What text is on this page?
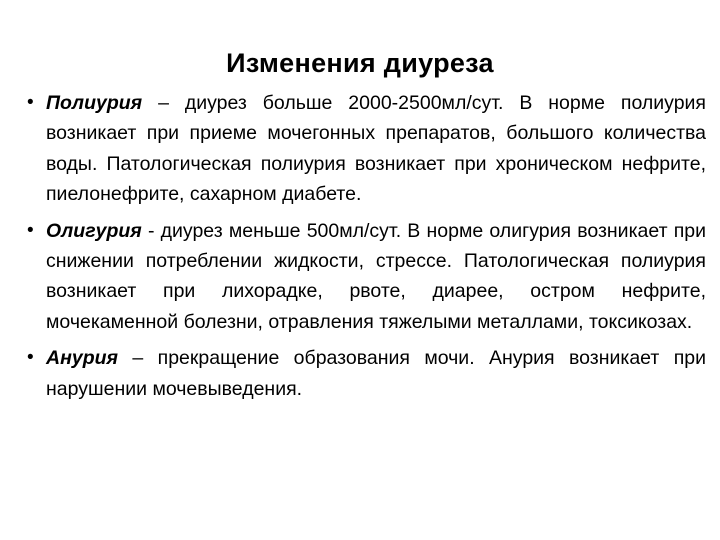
Изменения диуреза
• Полиурия – диурез больше 2000-2500мл/сут. В норме полиурия возникает при приеме мочегонных препаратов, большого количества воды. Патологическая полиурия возникает при хроническом нефрите, пиелонефрите, сахарном диабете.
• Олигурия - диурез меньше 500мл/сут. В норме олигурия возникает при снижении потреблении жидкости, стрессе. Патологическая полиурия возникает при лихорадке, рвоте, диарее, остром нефрите, мочекаменной болезни, отравления тяжелыми металлами, токсикозах.
• Анурия – прекращение образования мочи. Анурия возникает при нарушении мочевыведения.
